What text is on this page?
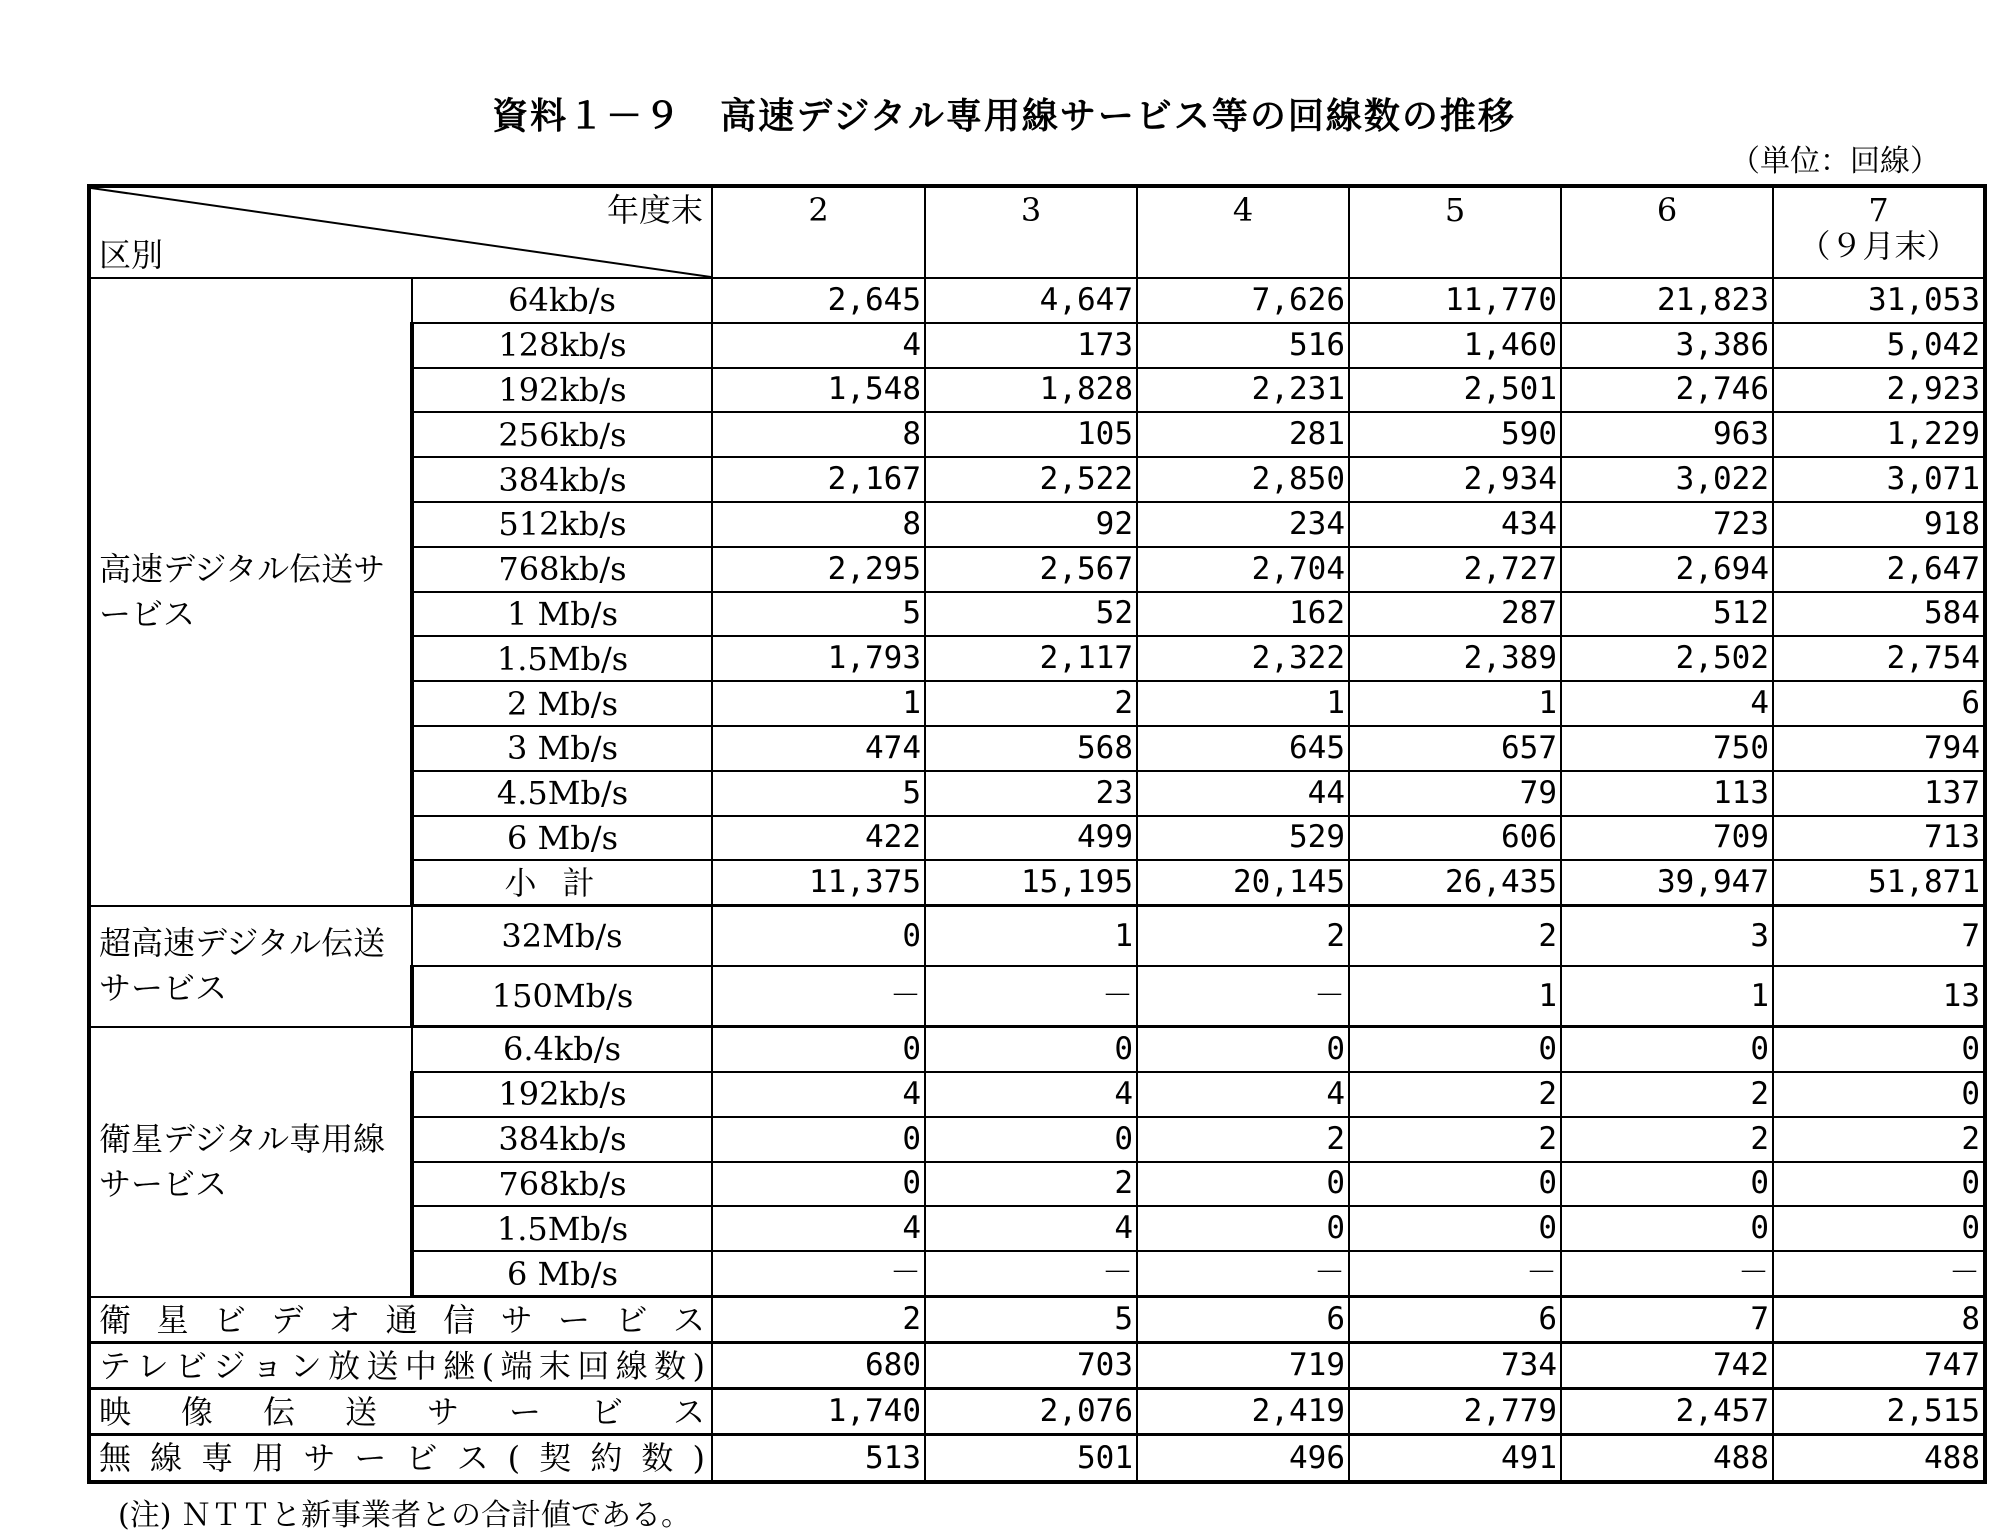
資料１－９　高速デジタル専用線サービス等の回線数の推移
（単位：回線）
年度末
区別		2	3	4	5	6	7
（９月末）

高速デジタル伝送サービス	64kb/s	2,645	4,647	7,626	11,770	21,823	31,053
	128kb/s	4	173	516	1,460	3,386	5,042
	192kb/s	1,548	1,828	2,231	2,501	2,746	2,923
	256kb/s	8	105	281	590	963	1,229
	384kb/s	2,167	2,522	2,850	2,934	3,022	3,071
	512kb/s	8	92	234	434	723	918
	768kb/s	2,295	2,567	2,704	2,727	2,694	2,647
	1 Mb/s	5	52	162	287	512	584
	1.5Mb/s	1,793	2,117	2,322	2,389	2,502	2,754
	2 Mb/s	1	2	1	1	4	6
	3 Mb/s	474	568	645	657	750	794
	4.5Mb/s	5	23	44	79	113	137
	6 Mb/s	422	499	529	606	709	713
	小計	11,375	15,195	20,145	26,435	39,947	51,871
超高速デジタル伝送サービス	32Mb/s	0	1	2	2	3	7
	150Mb/s	－	－	－	1	1	13
衛星デジタル専用線サービス	6.4kb/s	0	0	0	0	0	0
	192kb/s	4	4	4	2	2	0
	384kb/s	0	0	2	2	2	2
	768kb/s	0	2	0	0	0	0
	1.5Mb/s	4	4	0	0	0	0
	6 Mb/s	－	－	－	－	－	－
衛星ビデオ通信サービス		2	5	6	6	7	8
テレビジョン放送中継(端末回線数)		680	703	719	734	742	747
映像伝送サービス		1,740	2,076	2,419	2,779	2,457	2,515
無線専用サービス(契約数)		513	501	496	491	488	488
(注) ＮＴＴと新事業者との合計値である。
